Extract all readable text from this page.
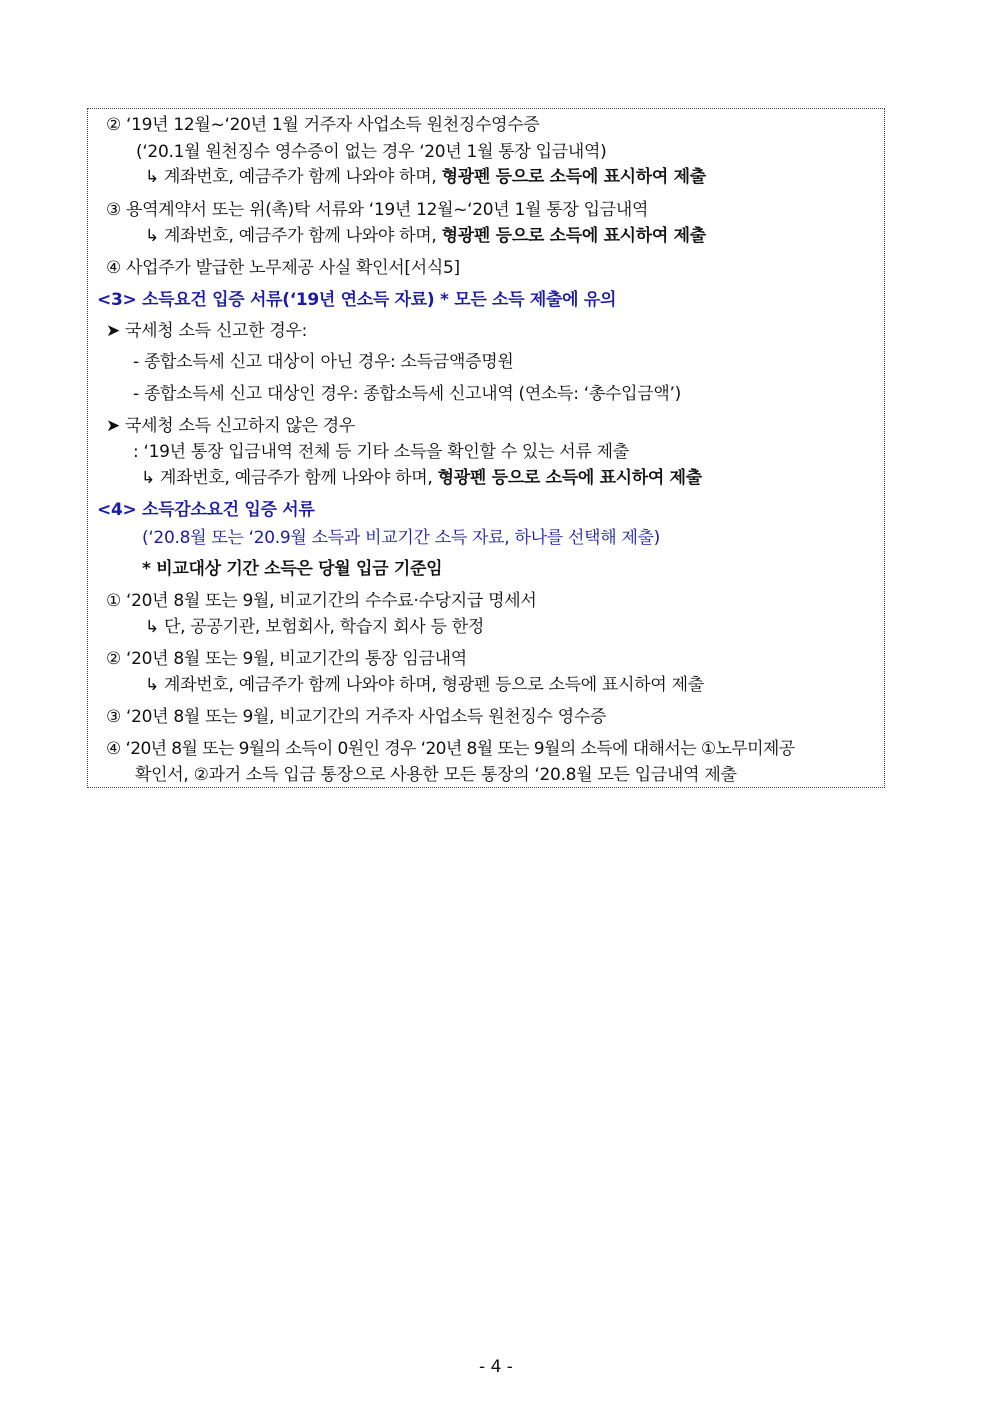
② ‘19년 12월~‘20년 1월 거주자 사업소득 원천징수영수증
(‘20.1월 원천징수 영수증이 없는 경우 ‘20년 1월 통장 입금내역)
↳ 계좌번호, 예금주가 함께 나와야 하며, 형광펜 등으로 소득에 표시하여 제출
③ 용역계약서 또는 위(촉)탁 서류와 ‘19년 12월~‘20년 1월 통장 입금내역
↳ 계좌번호, 예금주가 함께 나와야 하며, 형광펜 등으로 소득에 표시하여 제출
④ 사업주가 발급한 노무제공 사실 확인서[서식5]
<3> 소득요건 입증 서류(‘19년 연소득 자료) * 모든 소득 제출에 유의
➤ 국세청 소득 신고한 경우:
- 종합소득세 신고 대상이 아닌 경우: 소득금액증명원
- 종합소득세 신고 대상인 경우: 종합소득세 신고내역 (연소득: ‘총수입금액’)
➤ 국세청 소득 신고하지 않은 경우
: ‘19년 통장 입금내역 전체 등 기타 소득을 확인할 수 있는 서류 제출
↳ 계좌번호, 예금주가 함께 나와야 하며, 형광펜 등으로 소득에 표시하여 제출
<4> 소득감소요건 입증 서류
(‘20.8월 또는 ‘20.9월 소득과 비교기간 소득 자료, 하나를 선택해 제출)
* 비교대상 기간 소득은 당월 입금 기준임
① ‘20년 8월 또는 9월, 비교기간의 수수료·수당지급 명세서
↳ 단, 공공기관, 보험회사, 학습지 회사 등 한정
② ‘20년 8월 또는 9월, 비교기간의 통장 임금내역
↳ 계좌번호, 예금주가 함께 나와야 하며, 형광펜 등으로 소득에 표시하여 제출
③ ‘20년 8월 또는 9월, 비교기간의 거주자 사업소득 원천징수 영수증
④ ‘20년 8월 또는 9월의 소득이 0원인 경우 ‘20년 8월 또는 9월의 소득에 대해서는 ①노무미제공
확인서, ②과거 소득 입금 통장으로 사용한 모든 통장의 ‘20.8월 모든 입금내역 제출
- 4 -
